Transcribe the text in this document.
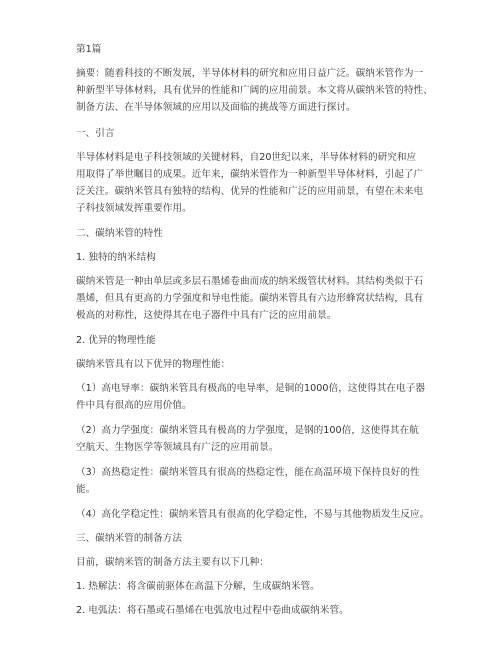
第1篇
摘要：随着科技的不断发展，半导体材料的研究和应用日益广泛。碳纳米管作为一
种新型半导体材料，具有优异的性能和广阔的应用前景。本文将从碳纳米管的特性、
制备方法、在半导体领域的应用以及面临的挑战等方面进行探讨。
一、引言
半导体材料是电子科技领域的关键材料，自20世纪以来，半导体材料的研究和应
用取得了举世瞩目的成果。近年来，碳纳米管作为一种新型半导体材料，引起了广
泛关注。碳纳米管具有独特的结构、优异的性能和广泛的应用前景，有望在未来电
子科技领域发挥重要作用。
二、碳纳米管的特性
1. 独特的纳米结构
碳纳米管是一种由单层或多层石墨烯卷曲而成的纳米级管状材料。其结构类似于石
墨烯，但具有更高的力学强度和导电性能。碳纳米管具有六边形蜂窝状结构，具有
极高的对称性，这使得其在电子器件中具有广泛的应用前景。
2. 优异的物理性能
碳纳米管具有以下优异的物理性能：
（1）高电导率：碳纳米管具有极高的电导率，是铜的1000倍，这使得其在电子器
件中具有很高的应用价值。
（2）高力学强度：碳纳米管具有极高的力学强度，是钢的100倍，这使得其在航
空航天、生物医学等领域具有广泛的应用前景。
（3）高热稳定性：碳纳米管具有很高的热稳定性，能在高温环境下保持良好的性
能。
（4）高化学稳定性：碳纳米管具有很高的化学稳定性，不易与其他物质发生反应。
三、碳纳米管的制备方法
目前，碳纳米管的制备方法主要有以下几种：
1. 热解法：将含碳前驱体在高温下分解，生成碳纳米管。
2. 电弧法：将石墨或石墨烯在电弧放电过程中卷曲成碳纳米管。
